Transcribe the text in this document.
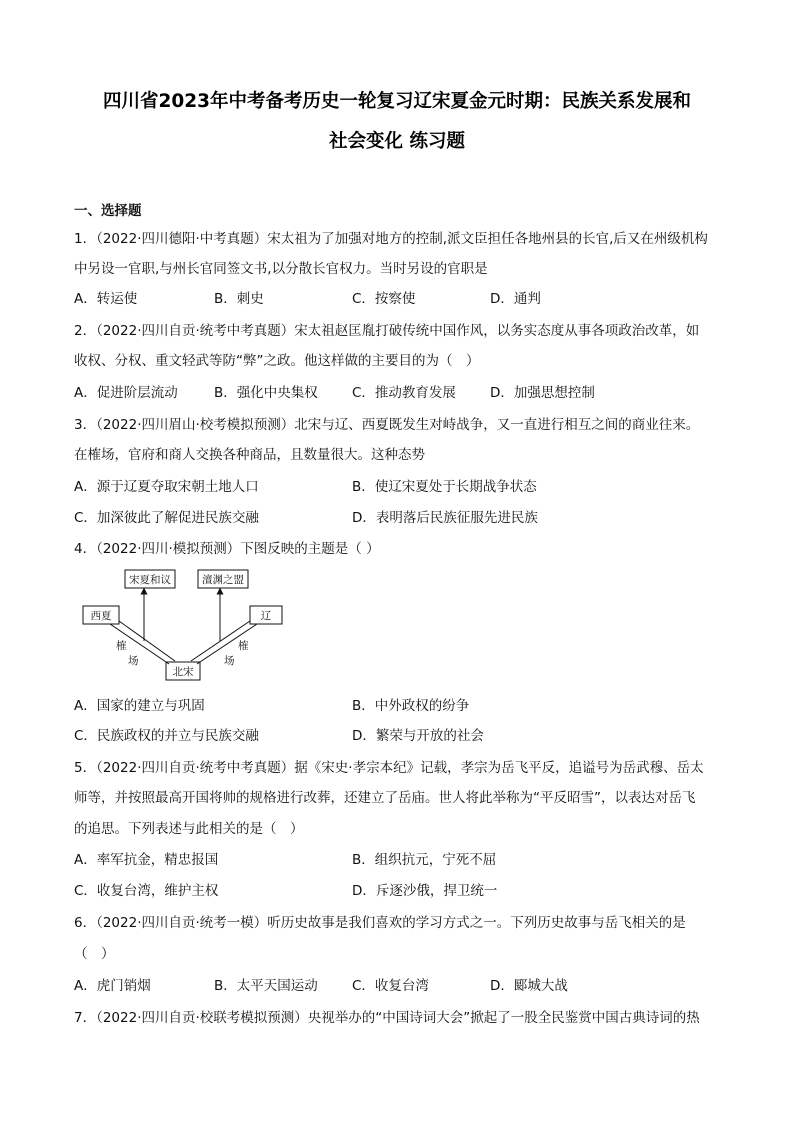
四川省2023年中考备考历史一轮复习辽宋夏金元时期：民族关系发展和
社会变化 练习题
一、选择题
1．（2022·四川德阳·中考真题）宋太祖为了加强对地方的控制,派文臣担任各地州县的长官,后又在州级机构
中另设一官职,与州长官同签文书,以分散长官权力。当时另设的官职是
A．转运使	B．刺史	C．按察使	D．通判
2．（2022·四川自贡·统考中考真题）宋太祖赵匡胤打破传统中国作风，以务实态度从事各项政治改革，如
收权、分权、重文轻武等防“弊”之政。他这样做的主要目的为（　）
A．促进阶层流动	B．强化中央集权	C．推动教育发展	D．加强思想控制
3．（2022·四川眉山·校考模拟预测）北宋与辽、西夏既发生对峙战争，又一直进行相互之间的商业往来。
在榷场，官府和商人交换各种商品，且数量很大。这种态势
A．源于辽夏夺取宋朝土地人口	B．使辽宋夏处于长期战争状态
C．加深彼此了解促进民族交融	D．表明落后民族征服先进民族
4．（2022·四川·模拟预测）下图反映的主题是（ ）
宋夏和议	澶渊之盟
西夏	辽
北宋
榷
场
榷
场
A．国家的建立与巩固	B．中外政权的纷争
C．民族政权的并立与民族交融	D．繁荣与开放的社会
5．（2022·四川自贡·统考中考真题）据《宋史·孝宗本纪》记载，孝宗为岳飞平反，追谥号为岳武穆、岳太
师等，并按照最高开国将帅的规格进行改葬，还建立了岳庙。世人将此举称为“平反昭雪”，以表达对岳飞
的追思。下列表述与此相关的是（　）
A．率军抗金，精忠报国	B．组织抗元，宁死不屈
C．收复台湾，维护主权	D．斥逐沙俄，捍卫统一
6．（2022·四川自贡·统考一模）听历史故事是我们喜欢的学习方式之一。下列历史故事与岳飞相关的是
（　）
A．虎门销烟	B．太平天国运动	C．收复台湾	D．郾城大战
7．（2022·四川自贡·校联考模拟预测）央视举办的“中国诗词大会”掀起了一股全民鉴赏中国古典诗词的热
